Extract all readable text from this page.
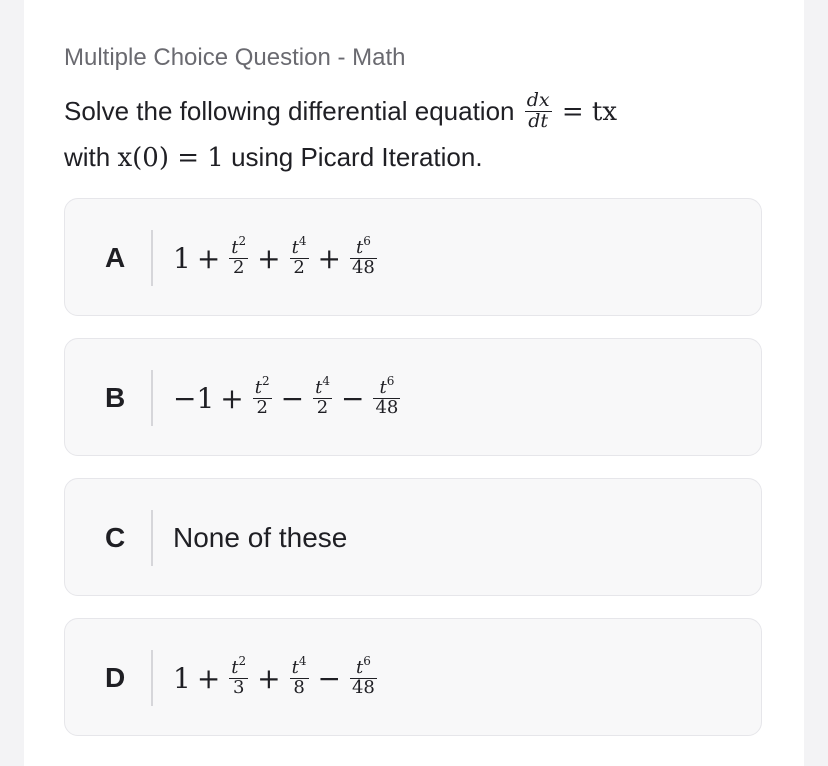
Multiple Choice Question - Math
Solve the following differential equation $\frac{dx}{dt}$ = tx
with x(0) = 1 using Picard Iteration.
A $1 + \frac{t^2}{2} + \frac{t^4}{2} + \frac{t^6}{48}$
$B -1 + \frac{t^2}{2} - \frac{t^4}{2} - \frac{t^6}{48}$
C None of these
D $1 + \frac{t^2}{3} + \frac{t^4}{8} - \frac{t^6}{48}$
